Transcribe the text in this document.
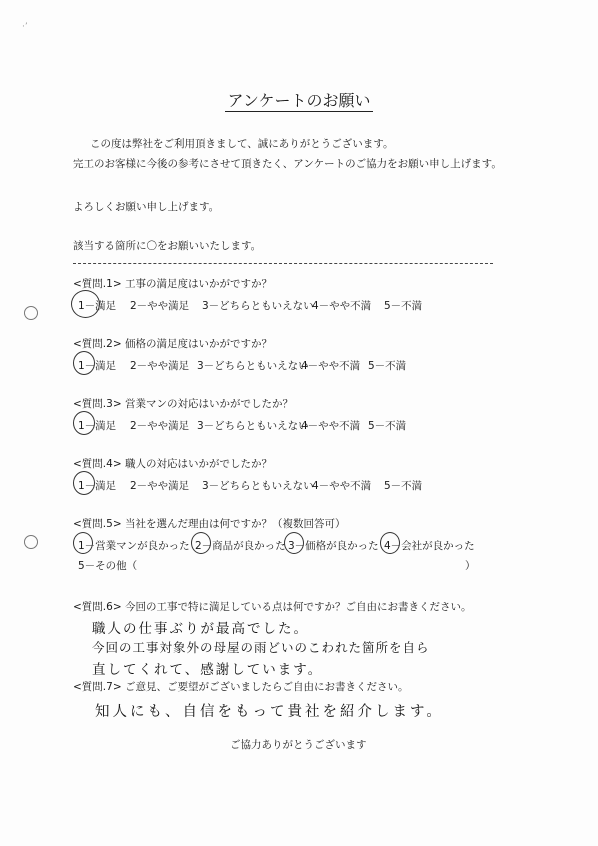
·ʼ
アンケートのお願い
この度は弊社をご利用頂きまして、誠にありがとうございます。
完工のお客様に今後の参考にさせて頂きたく、アンケートのご協力をお願い申し上げます。
よろしくお願い申し上げます。
該当する箇所に〇をお願いいたします。
<質問.1> 工事の満足度はいかがですか？
1－満足 2－やや満足 3－どちらともいえない
4－やや不満 5－不満
<質問.2> 価格の満足度はいかがですか？
1－満足 2－やや満足 3－どちらともいえない
4－やや不満 5－不満
<質問.3> 営業マンの対応はいかがでしたか？
1－満足 2－やや満足 3－どちらともいえない
4－やや不満 5－不満
<質問.4> 職人の対応はいかがでしたか？
1－満足 2－やや満足 3－どちらともいえない
4－やや不満 5－不満
<質問.5> 当社を選んだ理由は何ですか？（複数回答可）
1－営業マンが良かった 2－商品が良かった 3－価格が良かった 4－会社が良かった
5－その他（	）
<質問.6> 今回の工事で特に満足している点は何ですか？ご自由にお書きください。
職人の仕事ぶりが最高でした。
今回の工事対象外の母屋の雨どいのこわれた箇所を自ら
直してくれて、感謝しています。
<質問.7> ご意見、ご要望がございましたらご自由にお書きください。
知人にも、自信をもって貴社を紹介します。
ご協力ありがとうございます
